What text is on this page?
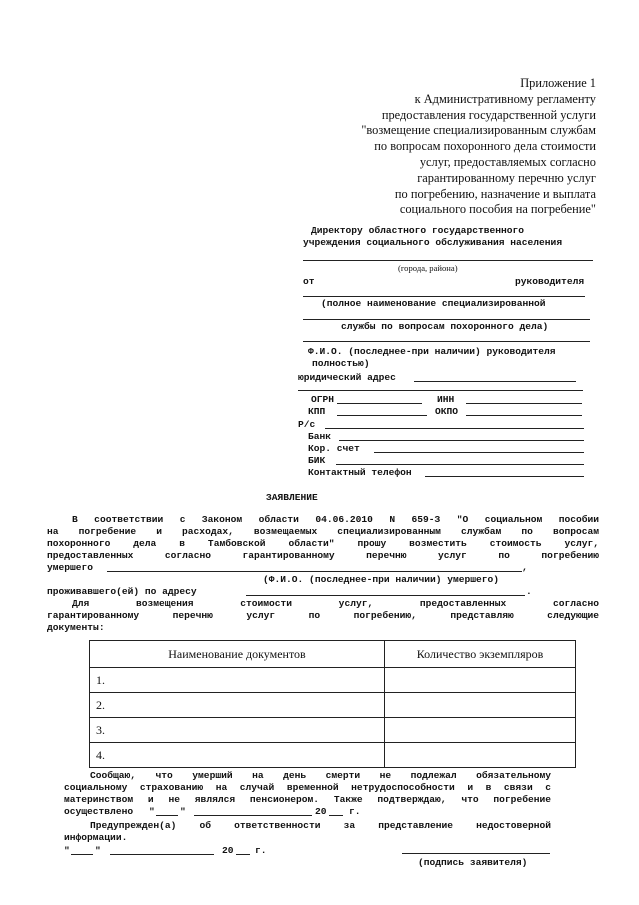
Приложение 1
к Административному регламенту
предоставления государственной услуги
"возмещение специализированным службам
по вопросам похоронного дела стоимости
услуг, предоставляемых согласно
гарантированному перечню услуг
по погребению, назначение и выплата
социального пособия на погребение"
Директору областного государственного
учреждения социального обслуживания населения
(города, района)
от	руководителя
(полное наименование специализированной
службы по вопросам похоронного дела)
Ф.И.О. (последнее-при наличии) руководителя
полностью)
юридический адрес
ОГРН	ИНН
КПП	ОКПО
Р/с
Банк
Кор. счет
БИК
Контактный телефон
ЗАЯВЛЕНИЕ
В соответствии с Законом области 04.06.2010 N 659-З "О социальном пособии
на погребение и расходах, возмещаемых специализированным службам по вопросам
похоронного дела в Тамбовской области" прошу возместить стоимость услуг,
предоставленных согласно гарантированному перечню услуг по погребению
умершего	,
(Ф.И.О. (последнее-при наличии) умершего)
проживавшего(ей) по адресу	.
Для возмещения стоимости услуг, предоставленных согласно
гарантированному перечню услуг по погребению, представляю следующие
документы:
Наименование документов	Количество экземпляров
1.	
2.	
3.	
4.	
Сообщаю, что умерший на день смерти не подлежал обязательному
социальному страхованию на случай временной нетрудоспособности и в связи с
материнством и не являлся пенсионером. Также подтверждаю, что погребение
осуществлено "	"	20 г.
Предупрежден(а) об ответственности за представление недостоверной
информации.
"	"	20 г.
(подпись заявителя)
